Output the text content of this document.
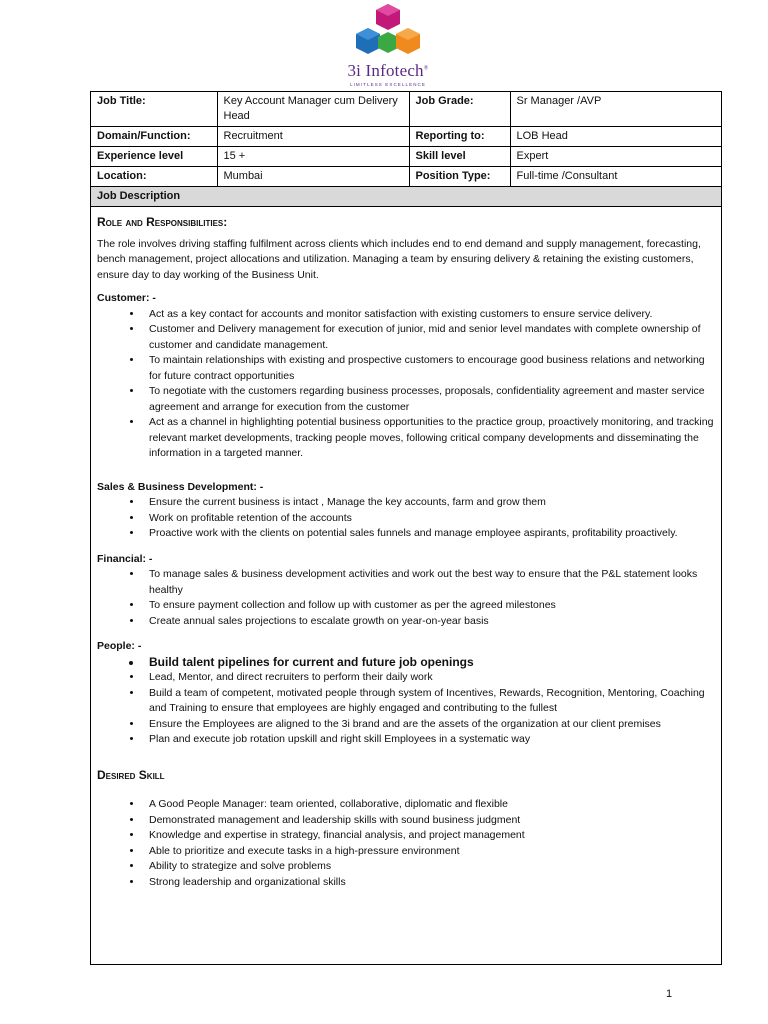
3i Infotech®
LIMITLESS EXCELLENCE
Job Title:	Key Account Manager cum Delivery Head	Job Grade:	Sr Manager /AVP
Domain/Function:	Recruitment	Reporting to:	LOB Head
Experience level	15 +	Skill level	Expert
Location:	Mumbai	Position Type:	Full-time /Consultant
Job Description
Role and Responsibilities:

The role involves driving staffing fulfilment across clients which includes end to end demand and supply management, forecasting, bench management, project allocations and utilization. Managing a team by ensuring delivery & retaining the existing customers, ensure day to day working of the Business Unit.

Customer: -

• Act as a key contact for accounts and monitor satisfaction with existing customers to ensure service delivery.
• Customer and Delivery management for execution of junior, mid and senior level mandates with complete ownership of customer and candidate management.
• To maintain relationships with existing and prospective customers to encourage good business relations and networking for future contract opportunities
• To negotiate with the customers regarding business processes, proposals, confidentiality agreement and master service agreement and arrange for execution from the customer
• Act as a channel in highlighting potential business opportunities to the practice group, proactively monitoring, and tracking relevant market developments, tracking people moves, following critical company developments and disseminating the information in a targeted manner.

Sales & Business Development: -

• Ensure the current business is intact , Manage the key accounts, farm and grow them
• Work on profitable retention of the accounts
• Proactive work with the clients on potential sales funnels and manage employee aspirants, profitability proactively.

Financial: -

• To manage sales & business development activities and work out the best way to ensure that the P&L statement looks healthy
• To ensure payment collection and follow up with customer as per the agreed milestones
• Create annual sales projections to escalate growth on year-on-year basis

People: -

• Build talent pipelines for current and future job openings
• Lead, Mentor, and direct recruiters to perform their daily work
• Build a team of competent, motivated people through system of Incentives, Rewards, Recognition, Mentoring, Coaching and Training to ensure that employees are highly engaged and contributing to the fullest
• Ensure the Employees are aligned to the 3i brand and are the assets of the organization at our client premises
• Plan and execute job rotation upskill and right skill Employees in a systematic way
Desired Skill
• A Good People Manager: team oriented, collaborative, diplomatic and flexible
• Demonstrated management and leadership skills with sound business judgment
• Knowledge and expertise in strategy, financial analysis, and project management
• Able to prioritize and execute tasks in a high-pressure environment
• Ability to strategize and solve problems
• Strong leadership and organizational skills
1
